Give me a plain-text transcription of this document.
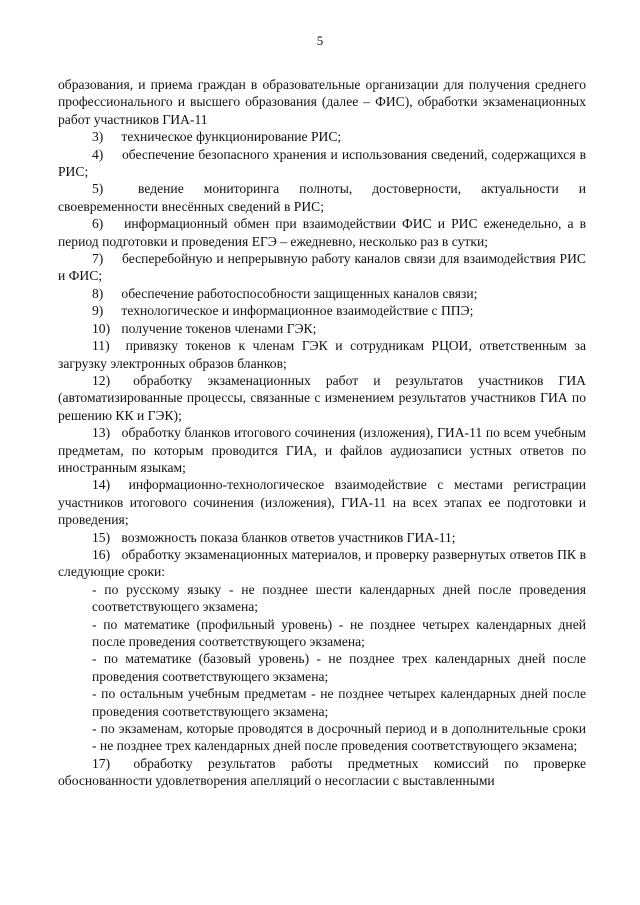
5

образования, и приема граждан в образовательные организации для получения среднего профессионального и высшего образования (далее – ФИС), обработки экзаменационных работ участников ГИА-11

3) техническое функционирование РИС;

4) обеспечение безопасного хранения и использования сведений, содержащихся в РИС;

5)	ведение мониторинга полноты, достоверности, актуальности и своевременности внесённых сведений в РИС;

6) информационный обмен при взаимодействии ФИС и РИС еженедельно, а в период подготовки и проведения ЕГЭ – ежедневно, несколько раз в сутки;

7) бесперебойную и непрерывную работу каналов связи для взаимодействия РИС и ФИС;

8) обеспечение работоспособности защищенных каналов связи;

9) технологическое и информационное взаимодействие с ППЭ;

10) получение токенов членами ГЭК;

11) привязку токенов к членам ГЭК и сотрудникам РЦОИ, ответственным за загрузку электронных образов бланков;

12) обработку экзаменационных работ и результатов участников ГИА (автоматизированные процессы, связанные с изменением результатов участников ГИА по решению КК и ГЭК);

13) обработку бланков итогового сочинения (изложения), ГИА-11 по всем учебным предметам, по которым проводится ГИА, и файлов аудиозаписи устных ответов по иностранным языкам;

14) информационно-технологическое взаимодействие с местами регистрации участников итогового сочинения (изложения), ГИА-11 на всех этапах ее подготовки и проведения;

15) возможность показа бланков ответов участников ГИА-11;

16) обработку экзаменационных материалов, и проверку развернутых ответов ПК в следующие сроки:

- по русскому языку - не позднее шести календарных дней после проведения соответствующего экзамена;

- по математике (профильный уровень) - не позднее четырех календарных дней после проведения соответствующего экзамена;

- по математике (базовый уровень) - не позднее трех календарных дней после проведения соответствующего экзамена;

- по остальным учебным предметам - не позднее четырех календарных дней после проведения соответствующего экзамена;

- по экзаменам, которые проводятся в досрочный период и в дополнительные сроки - не позднее трех календарных дней после проведения соответствующего экзамена;

17) обработку результатов работы предметных комиссий по проверке обоснованности удовлетворения апелляций о несогласии с выставленными
